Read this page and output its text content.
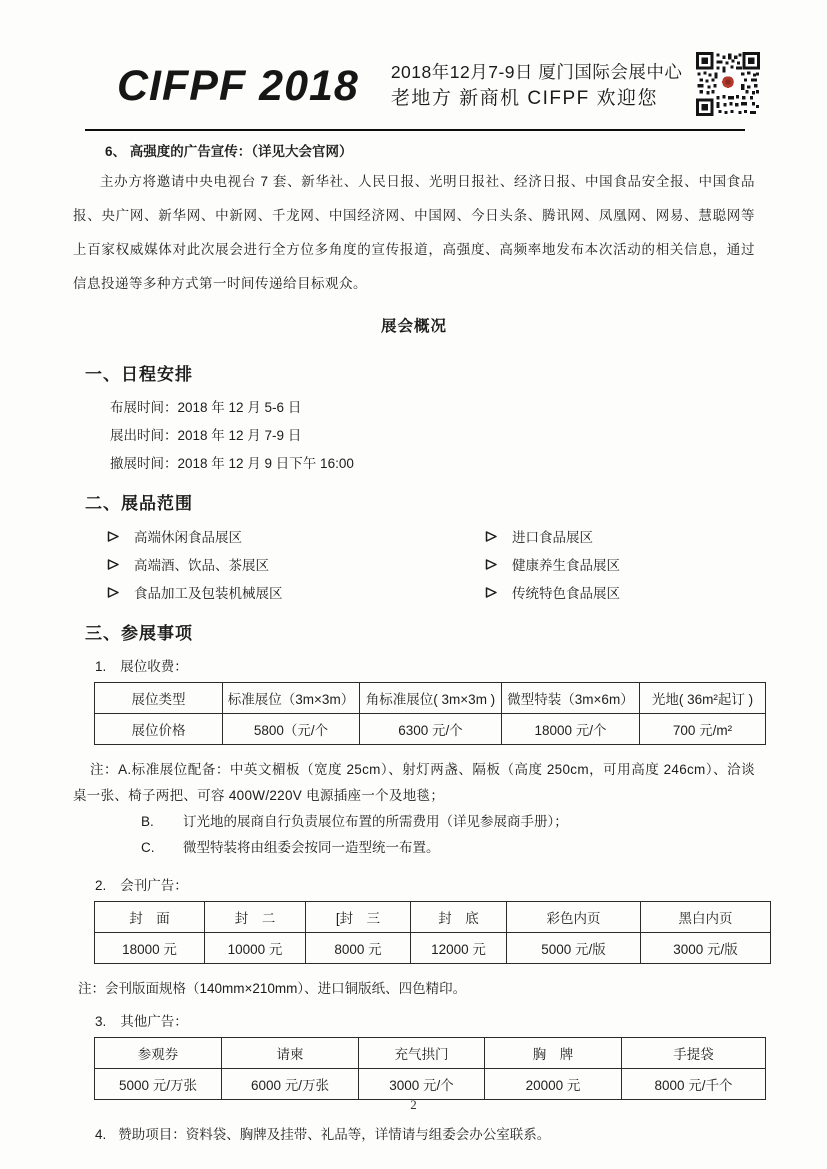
CIFPF 2018 2018年12月7-9日 厦门国际会展中心
老地方 新商机 CIFPF 欢迎您
6、 高强度的广告宣传：（详见大会官网）
主办方将邀请中央电视台 7 套、新华社、人民日报、光明日报社、经济日报、中国食品安全报、中国食品报、央广网、新华网、中新网、千龙网、中国经济网、中国网、今日头条、腾讯网、凤凰网、网易、慧聪网等上百家权威媒体对此次展会进行全方位多角度的宣传报道，高强度、高频率地发布本次活动的相关信息，通过信息投递等多种方式第一时间传递给目标观众。
展会概况
一、日程安排
布展时间：2018 年 12 月 5-6 日
展出时间：2018 年 12 月 7-9 日
撤展时间：2018 年 12 月 9 日下午 16:00
二、展品范围
高端休闲食品展区
高端酒、饮品、茶展区
食品加工及包装机械展区
进口食品展区
健康养生食品展区
传统特色食品展区
三、参展事项
1. 展位收费：
展位类型	标准展位（3m×3m）	角标准展位( 3m×3m )	微型特装（3m×6m）	光地( 36m²起订 )
展位价格	5800（元/个	6300 元/个	18000 元/个	700 元/m²
注：A.标准展位配备：中英文楣板（宽度 25cm）、射灯两盏、隔板（高度 250cm，可用高度 246cm）、洽谈桌一张、椅子两把、可容 400W/220V 电源插座一个及地毯；
B.	订光地的展商自行负责展位布置的所需费用（详见参展商手册）；
C.	微型特装将由组委会按同一造型统一布置。
2. 会刊广告：
封　面	封　二	[封　三	封　底	彩色内页	黑白内页
18000 元	10000 元	8000 元	12000 元	5000 元/版	3000 元/版
注：会刊版面规格（140mm×210mm）、进口铜版纸、四色精印。
3. 其他广告：
参观券	请柬	充气拱门	胸　牌	手提袋
5000 元/万张	6000 元/万张	3000 元/个	20000 元	8000 元/千个
4. 赞助项目：资料袋、胸牌及挂带、礼品等，详情请与组委会办公室联系。
2
